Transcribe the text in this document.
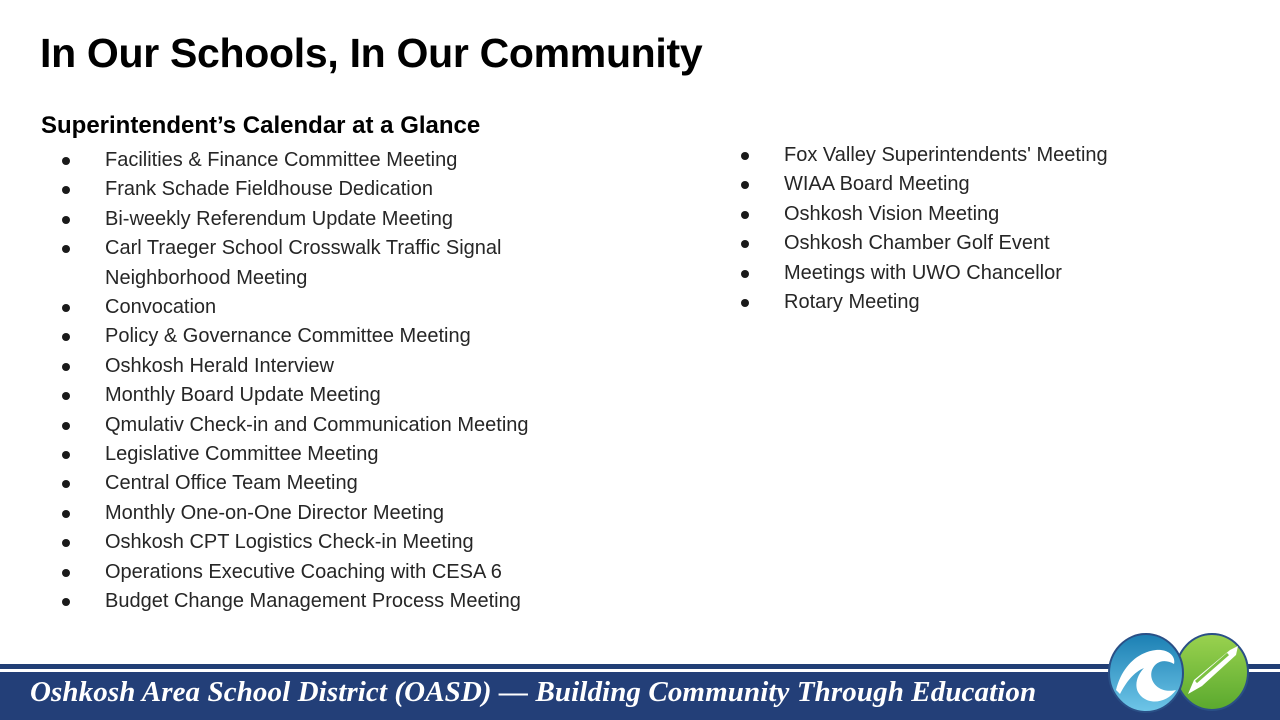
In Our Schools, In Our Community
Superintendent’s Calendar at a Glance
Facilities & Finance Committee Meeting
Frank Schade Fieldhouse Dedication
Bi-weekly Referendum Update Meeting
Carl Traeger School Crosswalk Traffic Signal
Neighborhood Meeting
Convocation
Policy & Governance Committee Meeting
Oshkosh Herald Interview
Monthly Board Update Meeting
Qmulativ Check-in and Communication Meeting
Legislative Committee Meeting
Central Office Team Meeting
Monthly One-on-One Director Meeting
Oshkosh CPT Logistics Check-in Meeting
Operations Executive Coaching with CESA 6
Budget Change Management Process Meeting
Fox Valley Superintendents' Meeting
WIAA Board Meeting
Oshkosh Vision Meeting
Oshkosh Chamber Golf Event
Meetings with UWO Chancellor
Rotary Meeting
Oshkosh Area School District (OASD) — Building Community Through Education
